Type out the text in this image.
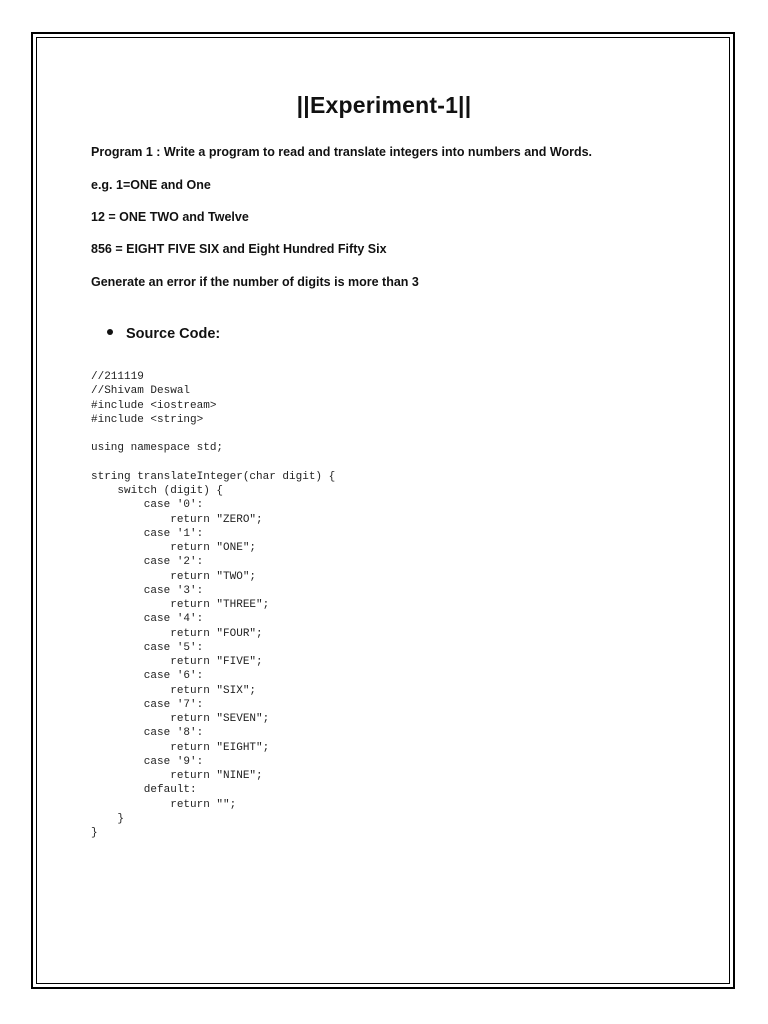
||Experiment-1||
Program 1 : Write a program to read and translate integers into numbers and Words.
e.g. 1=ONE and One
12 = ONE TWO and Twelve
856 = EIGHT FIVE SIX and Eight Hundred Fifty Six
Generate an error if the number of digits is more than 3
Source Code:
//211119
//Shivam Deswal
#include <iostream>
#include <string>

using namespace std;

string translateInteger(char digit) {
switch (digit) {
case '0':
return "ZERO";
case '1':
return "ONE";
case '2':
return "TWO";
case '3':
return "THREE";
case '4':
return "FOUR";
case '5':
return "FIVE";
case '6':
return "SIX";
case '7':
return "SEVEN";
case '8':
return "EIGHT";
case '9':
return "NINE";
default:
return "";
}
}
